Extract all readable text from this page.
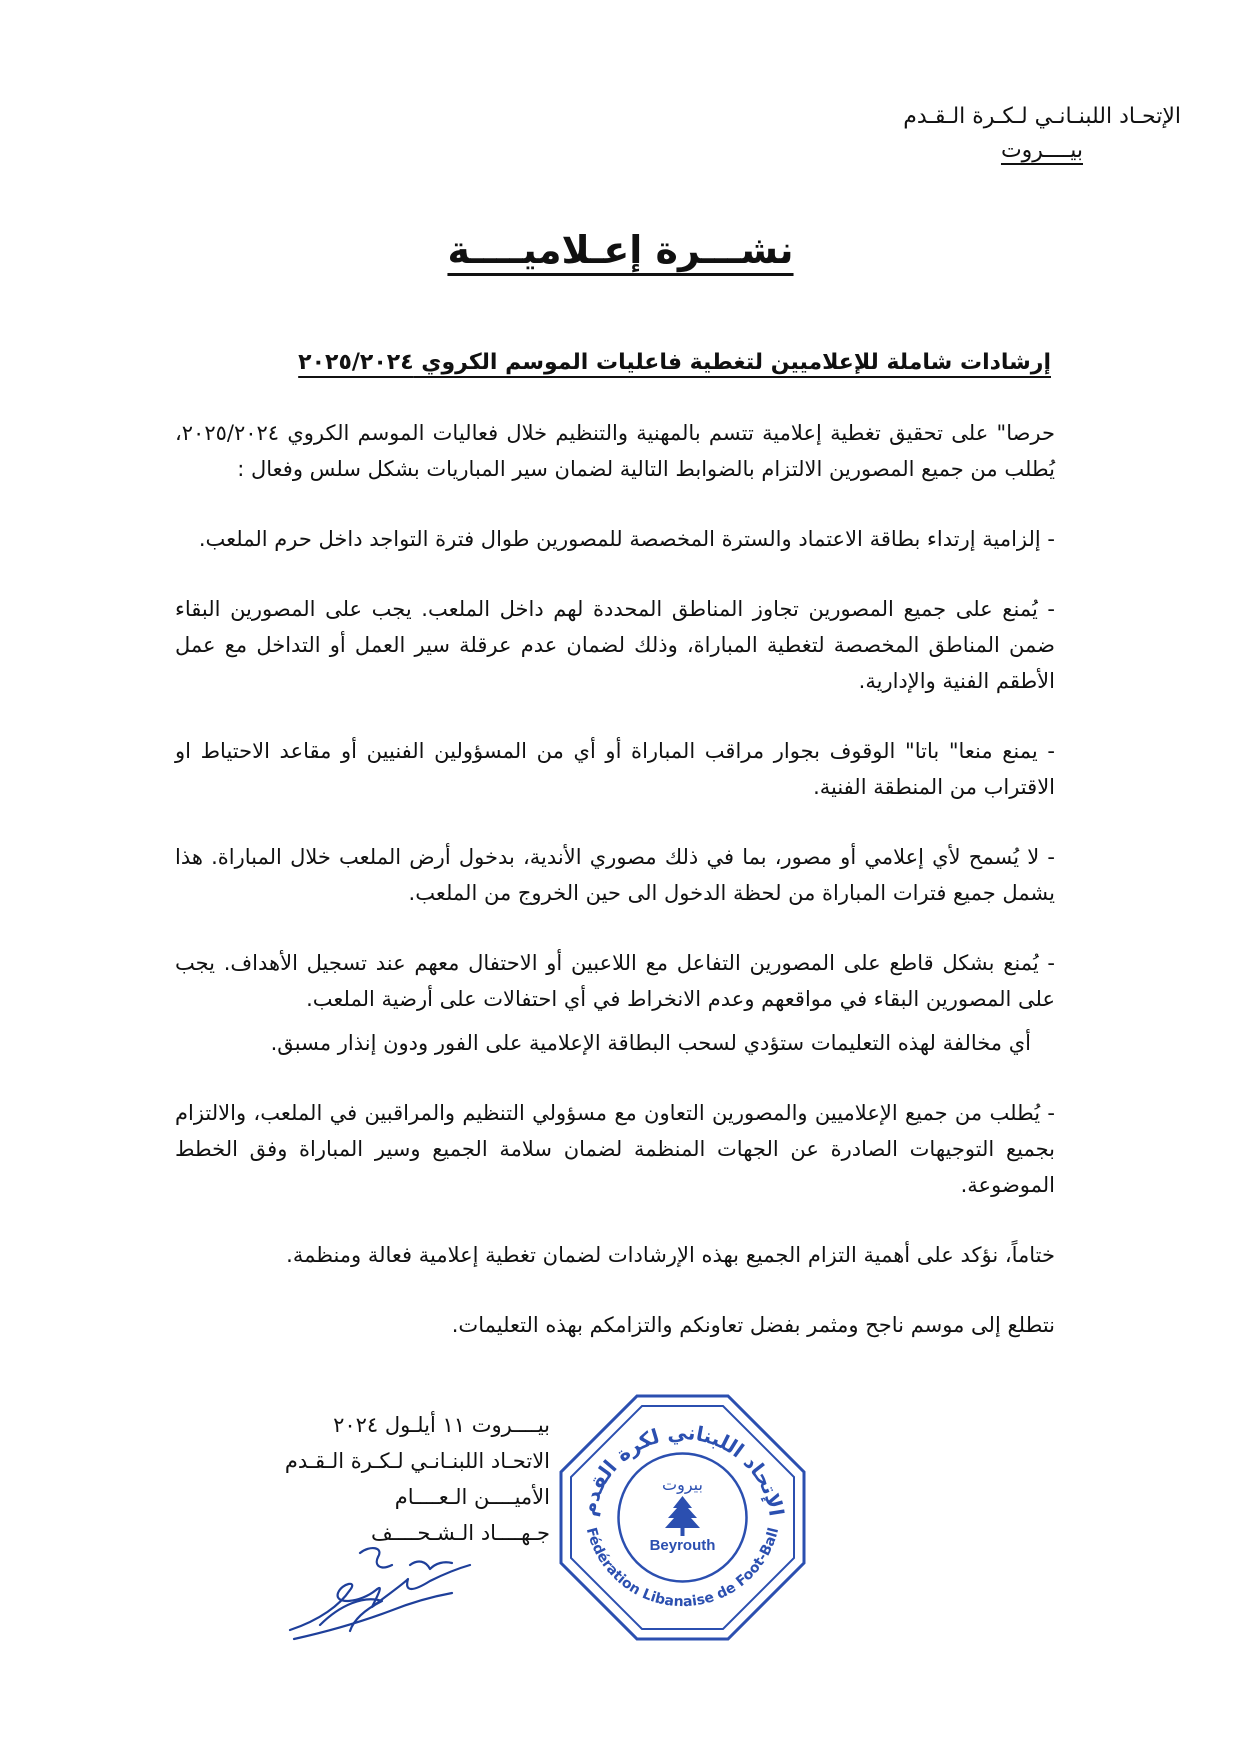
الإتحـاد اللبنـانـي لـكـرة الـقـدم
بيــــروت
نشـــرة إعـلاميــــة
إرشادات شاملة للإعلاميين لتغطية فاعليات الموسم الكروي ٢٠٢٥/٢٠٢٤

حرصا" على تحقيق تغطية إعلامية تتسم بالمهنية والتنظيم خلال فعاليات الموسم الكروي ٢٠٢٥/٢٠٢٤، يُطلب من جميع المصورين الالتزام بالضوابط التالية لضمان سير المباريات بشكل سلس وفعال :

- إلزامية إرتداء بطاقة الاعتماد والسترة المخصصة للمصورين طوال فترة التواجد داخل حرم الملعب.

- يُمنع على جميع المصورين تجاوز المناطق المحددة لهم داخل الملعب. يجب على المصورين البقاء ضمن المناطق المخصصة لتغطية المباراة، وذلك لضمان عدم عرقلة سير العمل أو التداخل مع عمل الأطقم الفنية والإدارية.

- يمنع منعا" باتا" الوقوف بجوار مراقب المباراة أو أي من المسؤولين الفنيين أو مقاعد الاحتياط او الاقتراب من المنطقة الفنية.

- لا يُسمح لأي إعلامي أو مصور، بما في ذلك مصوري الأندية، بدخول أرض الملعب خلال المباراة. هذا يشمل جميع فترات المباراة من لحظة الدخول الى حين الخروج من الملعب.

- يُمنع بشكل قاطع على المصورين التفاعل مع اللاعبين أو الاحتفال معهم عند تسجيل الأهداف. يجب على المصورين البقاء في مواقعهم وعدم الانخراط في أي احتفالات على أرضية الملعب.

أي مخالفة لهذه التعليمات ستؤدي لسحب البطاقة الإعلامية على الفور ودون إنذار مسبق.

- يُطلب من جميع الإعلاميين والمصورين التعاون مع مسؤولي التنظيم والمراقبين في الملعب، والالتزام بجميع التوجيهات الصادرة عن الجهات المنظمة لضمان سلامة الجميع وسير المباراة وفق الخطط الموضوعة.

ختاماً، نؤكد على أهمية التزام الجميع بهذه الإرشادات لضمان تغطية إعلامية فعالة ومنظمة.

نتطلع إلى موسم ناجح ومثمر بفضل تعاونكم والتزامكم بهذه التعليمات.

بيــــروت ١١ أيلـول ٢٠٢٤
الاتحـاد اللبنـانـي لـكـرة الـقـدم
الأميــــن الـعــــام
جـهــــاد الـشـحــــف
الإتحاد اللبناني لكرة القدم
Fédération Libanaise de Foot-Ball
بيروت
Beyrouth
